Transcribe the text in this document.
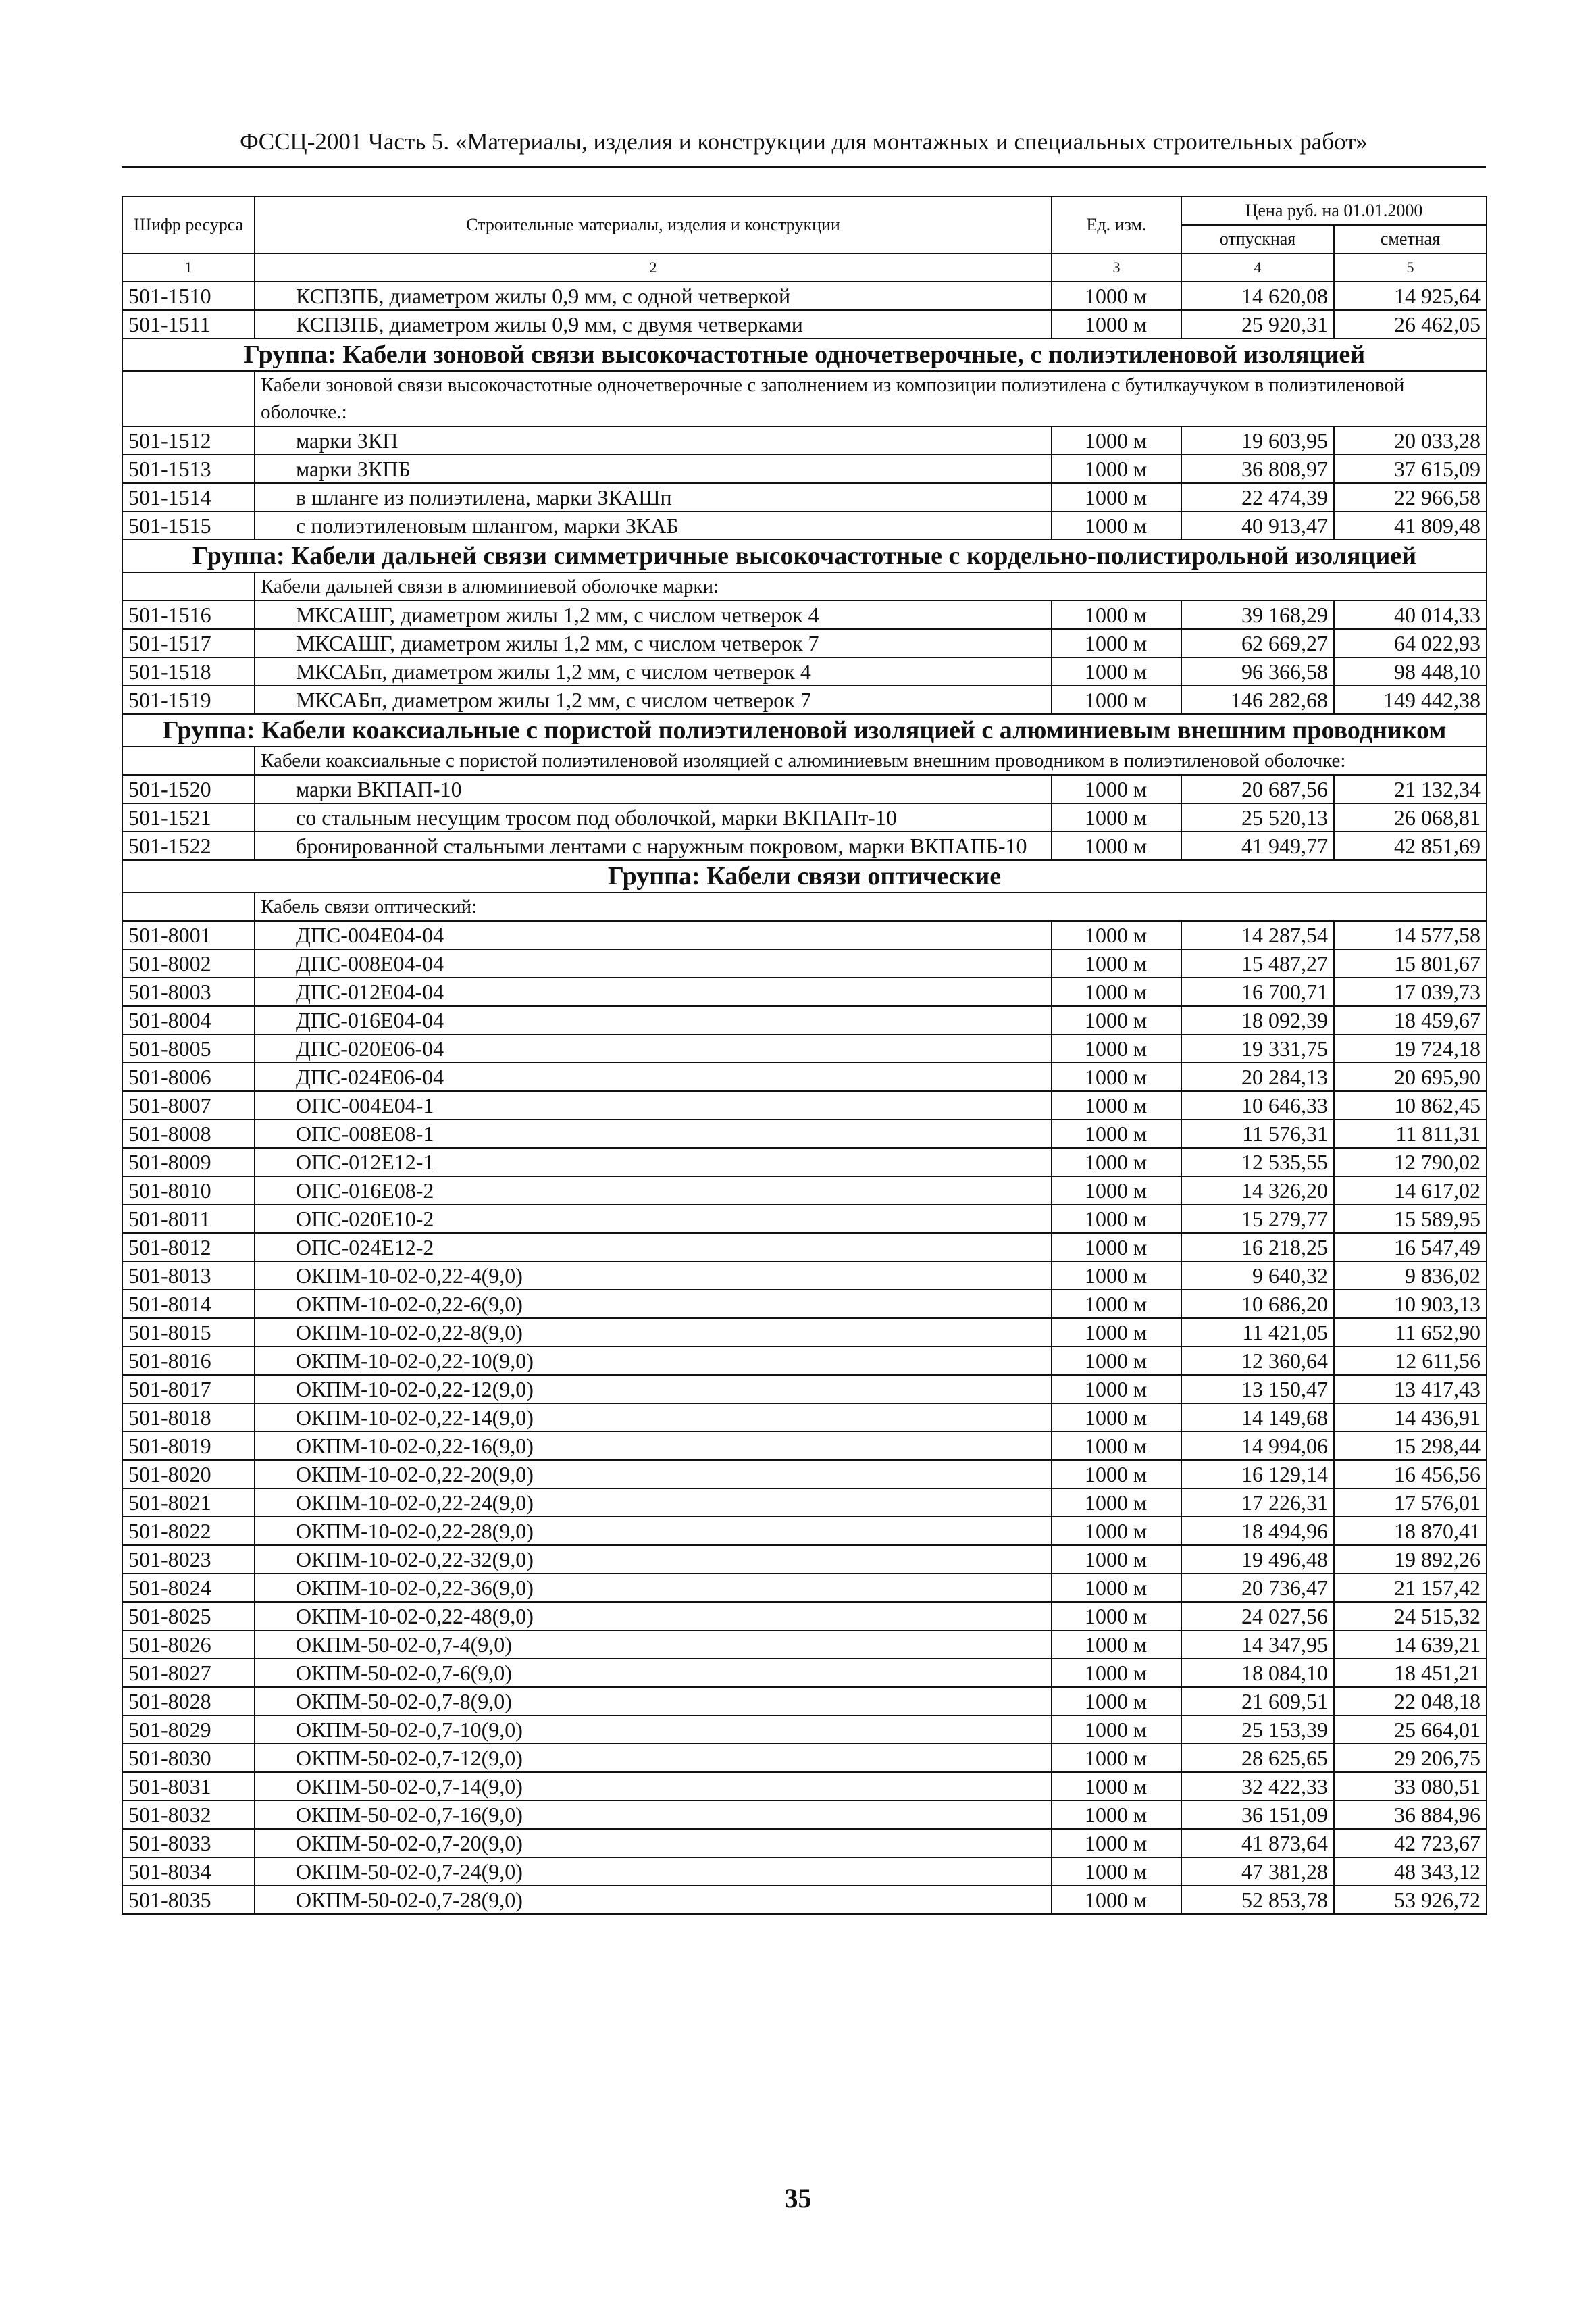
ФССЦ-2001 Часть 5. «Материалы, изделия и конструкции для монтажных и специальных строительных работ»
Шифр ресурса	Строительные материалы, изделия и конструкции	Ед. изм.	Цена руб. на 01.01.2000	
			отпускная	сметная
1	2	3	4	5
501-1510	КСПЗПБ, диаметром жилы 0,9 мм, с одной четверкой	1000 м	14 620,08	14 925,64
501-1511	КСПЗПБ, диаметром жилы 0,9 мм, с двумя четверками	1000 м	25 920,31	26 462,05
Группа: Кабели зоновой связи высокочастотные одночетверочные, с полиэтиленовой изоляцией				
	Кабели зоновой связи высокочастотные одночетверочные с заполнением из композиции полиэтилена с бутилкаучуком в полиэтиленовой оболочке.:			
501-1512	марки ЗКП	1000 м	19 603,95	20 033,28
501-1513	марки ЗКПБ	1000 м	36 808,97	37 615,09
501-1514	в шланге из полиэтилена, марки ЗКАШп	1000 м	22 474,39	22 966,58
501-1515	с полиэтиленовым шлангом, марки ЗКАБ	1000 м	40 913,47	41 809,48
Группа: Кабели дальней связи симметричные высокочастотные с кордельно-полистирольной изоляцией				
	Кабели дальней связи в алюминиевой оболочке марки:			
501-1516	МКСАШГ, диаметром жилы 1,2 мм, с числом четверок 4	1000 м	39 168,29	40 014,33
501-1517	МКСАШГ, диаметром жилы 1,2 мм, с числом четверок 7	1000 м	62 669,27	64 022,93
501-1518	МКСАБп, диаметром жилы 1,2 мм, с числом четверок 4	1000 м	96 366,58	98 448,10
501-1519	МКСАБп, диаметром жилы 1,2 мм, с числом четверок 7	1000 м	146 282,68	149 442,38
Группа: Кабели коаксиальные с пористой полиэтиленовой изоляцией с алюминиевым внешним проводником				
	Кабели коаксиальные с пористой полиэтиленовой изоляцией с алюминиевым внешним проводником в полиэтиленовой оболочке:			
501-1520	марки ВКПАП-10	1000 м	20 687,56	21 132,34
501-1521	со стальным несущим тросом под оболочкой, марки ВКПАПт-10	1000 м	25 520,13	26 068,81
501-1522	бронированной стальными лентами с наружным покровом, марки ВКПАПБ-10	1000 м	41 949,77	42 851,69
Группа: Кабели связи оптические				
	Кабель связи оптический:			
501-8001	ДПС-004Е04-04	1000 м	14 287,54	14 577,58
501-8002	ДПС-008Е04-04	1000 м	15 487,27	15 801,67
501-8003	ДПС-012Е04-04	1000 м	16 700,71	17 039,73
501-8004	ДПС-016Е04-04	1000 м	18 092,39	18 459,67
501-8005	ДПС-020Е06-04	1000 м	19 331,75	19 724,18
501-8006	ДПС-024Е06-04	1000 м	20 284,13	20 695,90
501-8007	ОПС-004Е04-1	1000 м	10 646,33	10 862,45
501-8008	ОПС-008Е08-1	1000 м	11 576,31	11 811,31
501-8009	ОПС-012Е12-1	1000 м	12 535,55	12 790,02
501-8010	ОПС-016Е08-2	1000 м	14 326,20	14 617,02
501-8011	ОПС-020Е10-2	1000 м	15 279,77	15 589,95
501-8012	ОПС-024Е12-2	1000 м	16 218,25	16 547,49
501-8013	ОКПМ-10-02-0,22-4(9,0)	1000 м	9 640,32	9 836,02
501-8014	ОКПМ-10-02-0,22-6(9,0)	1000 м	10 686,20	10 903,13
501-8015	ОКПМ-10-02-0,22-8(9,0)	1000 м	11 421,05	11 652,90
501-8016	ОКПМ-10-02-0,22-10(9,0)	1000 м	12 360,64	12 611,56
501-8017	ОКПМ-10-02-0,22-12(9,0)	1000 м	13 150,47	13 417,43
501-8018	ОКПМ-10-02-0,22-14(9,0)	1000 м	14 149,68	14 436,91
501-8019	ОКПМ-10-02-0,22-16(9,0)	1000 м	14 994,06	15 298,44
501-8020	ОКПМ-10-02-0,22-20(9,0)	1000 м	16 129,14	16 456,56
501-8021	ОКПМ-10-02-0,22-24(9,0)	1000 м	17 226,31	17 576,01
501-8022	ОКПМ-10-02-0,22-28(9,0)	1000 м	18 494,96	18 870,41
501-8023	ОКПМ-10-02-0,22-32(9,0)	1000 м	19 496,48	19 892,26
501-8024	ОКПМ-10-02-0,22-36(9,0)	1000 м	20 736,47	21 157,42
501-8025	ОКПМ-10-02-0,22-48(9,0)	1000 м	24 027,56	24 515,32
501-8026	ОКПМ-50-02-0,7-4(9,0)	1000 м	14 347,95	14 639,21
501-8027	ОКПМ-50-02-0,7-6(9,0)	1000 м	18 084,10	18 451,21
501-8028	ОКПМ-50-02-0,7-8(9,0)	1000 м	21 609,51	22 048,18
501-8029	ОКПМ-50-02-0,7-10(9,0)	1000 м	25 153,39	25 664,01
501-8030	ОКПМ-50-02-0,7-12(9,0)	1000 м	28 625,65	29 206,75
501-8031	ОКПМ-50-02-0,7-14(9,0)	1000 м	32 422,33	33 080,51
501-8032	ОКПМ-50-02-0,7-16(9,0)	1000 м	36 151,09	36 884,96
501-8033	ОКПМ-50-02-0,7-20(9,0)	1000 м	41 873,64	42 723,67
501-8034	ОКПМ-50-02-0,7-24(9,0)	1000 м	47 381,28	48 343,12
501-8035	ОКПМ-50-02-0,7-28(9,0)	1000 м	52 853,78	53 926,72
35
